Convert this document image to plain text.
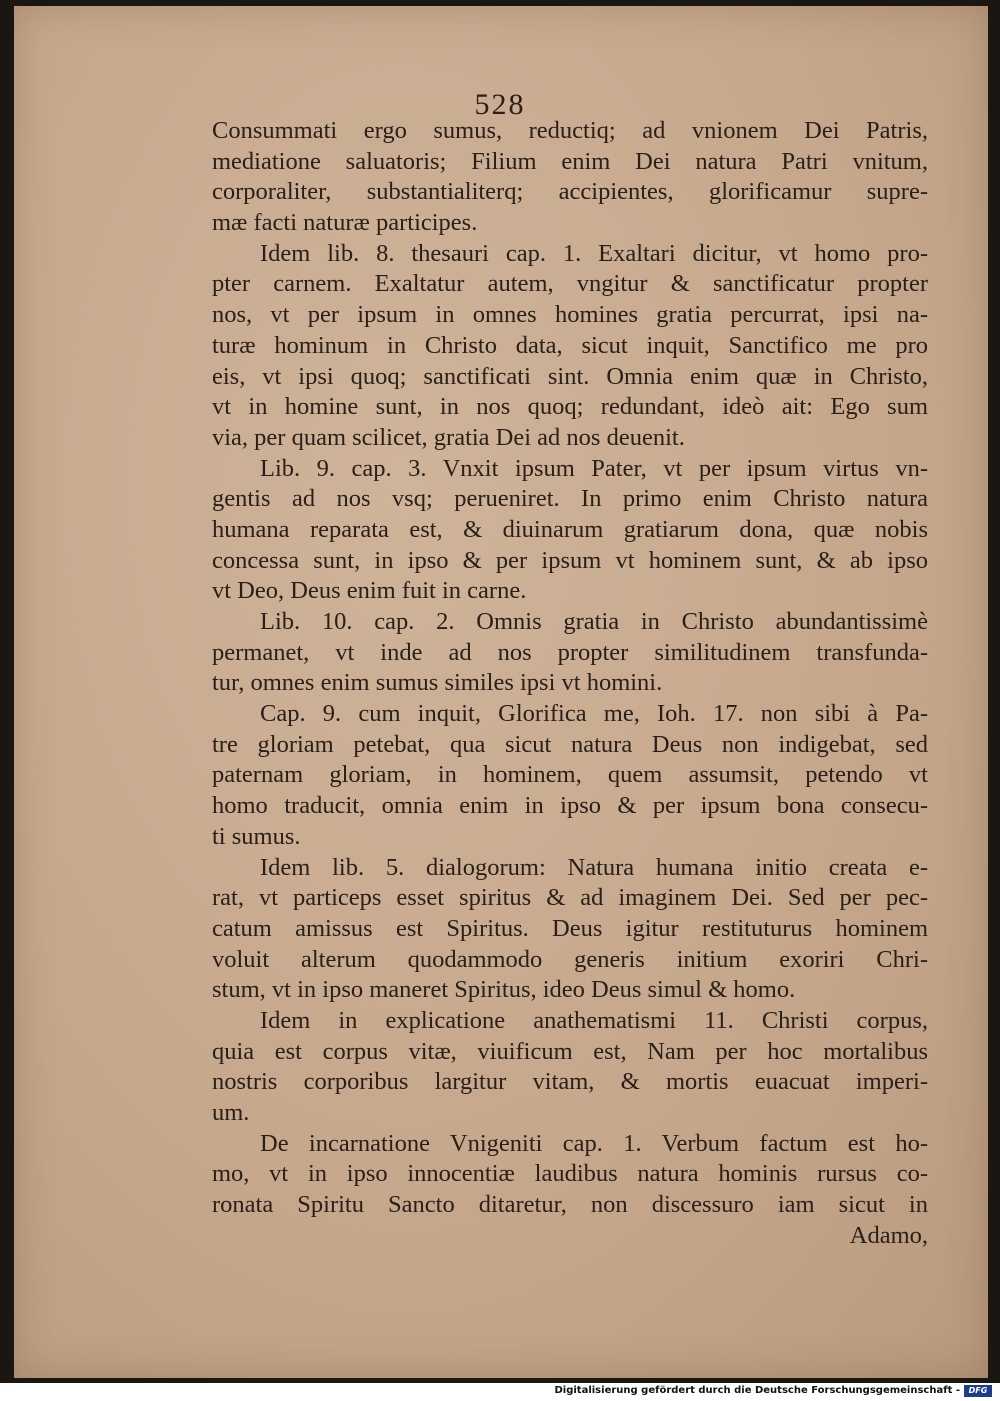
528
Consummati ergo sumus, reductiq; ad vnionem Dei Patris,
mediatione saluatoris; Filium enim Dei natura Patri vnitum,
corporaliter, substantialiterq; accipientes, glorificamur supre-
mæ facti naturæ participes.
Idem lib. 8. thesauri cap. 1. Exaltari dicitur, vt homo pro-
pter carnem. Exaltatur autem, vngitur & sanctificatur propter
nos, vt per ipsum in omnes homines gratia percurrat, ipsi na-
turæ hominum in Christo data, sicut inquit, Sanctifico me pro
eis, vt ipsi quoq; sanctificati sint. Omnia enim quæ in Christo,
vt in homine sunt, in nos quoq; redundant, ideò ait: Ego sum
via, per quam scilicet, gratia Dei ad nos deuenit.
Lib. 9. cap. 3. Vnxit ipsum Pater, vt per ipsum virtus vn-
gentis ad nos vsq; perueniret. In primo enim Christo natura
humana reparata est, & diuinarum gratiarum dona, quæ nobis
concessa sunt, in ipso & per ipsum vt hominem sunt, & ab ipso
vt Deo, Deus enim fuit in carne.
Lib. 10. cap. 2. Omnis gratia in Christo abundantissimè
permanet, vt inde ad nos propter similitudinem transfunda-
tur, omnes enim sumus similes ipsi vt homini.
Cap. 9. cum inquit, Glorifica me, Ioh. 17. non sibi à Pa-
tre gloriam petebat, qua sicut natura Deus non indigebat, sed
paternam gloriam, in hominem, quem assumsit, petendo vt
homo traducit, omnia enim in ipso & per ipsum bona consecu-
ti sumus.
Idem lib. 5. dialogorum: Natura humana initio creata e-
rat, vt particeps esset spiritus & ad imaginem Dei. Sed per pec-
catum amissus est Spiritus. Deus igitur restituturus hominem
voluit alterum quodammodo generis initium exoriri Chri-
stum, vt in ipso maneret Spiritus, ideo Deus simul & homo.
Idem in explicatione anathematismi 11. Christi corpus,
quia est corpus vitæ, viuificum est, Nam per hoc mortalibus
nostris corporibus largitur vitam, & mortis euacuat imperi-
um.
De incarnatione Vnigeniti cap. 1. Verbum factum est ho-
mo, vt in ipso innocentiæ laudibus natura hominis rursus co-
ronata Spiritu Sancto ditaretur, non discessuro iam sicut in
Adamo,
Digitalisierung gefördert durch die Deutsche Forschungsgemeinschaft -	DFG
